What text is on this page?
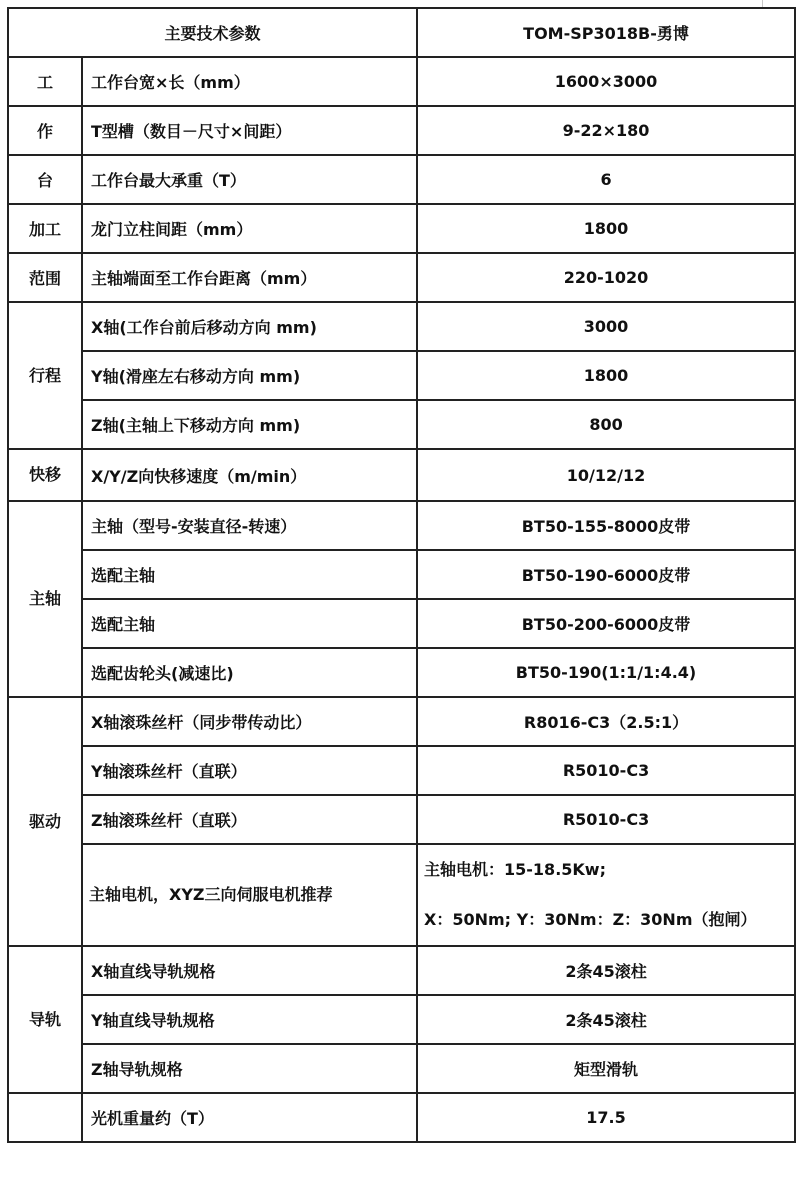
主要技术参数		TOM-SP3018B-勇博
工	工作台宽×长（mm）	1600×3000
作	T型槽（数目－尺寸×间距）	9-22×180
台	工作台最大承重（T）	6
加工	龙门立柱间距（mm）	1800
范围	主轴端面至工作台距离（mm）	220-1020
行程	X轴(工作台前后移动方向 mm)	3000
	Y轴(滑座左右移动方向 mm)	1800
	Z轴(主轴上下移动方向 mm)	800
快移	X/Y/Z向快移速度（m/min）	10/12/12
主轴	主轴（型号-安装直径-转速）	BT50-155-8000皮带
	选配主轴	BT50-190-6000皮带
	选配主轴	BT50-200-6000皮带
	选配齿轮头(减速比)	BT50-190(1:1/1:4.4)
驱动	X轴滚珠丝杆（同步带传动比）	R8016-C3（2.5:1）
	Y轴滚珠丝杆（直联）	R5010-C3
	Z轴滚珠丝杆（直联）	R5010-C3
	主轴电机，XYZ三向伺服电机推荐	主轴电机：15-18.5Kw;
X：50Nm; Y：30Nm：Z：30Nm（抱闸）

导轨	X轴直线导轨规格	2条45滚柱
	Y轴直线导轨规格	2条45滚柱
	Z轴导轨规格	矩型滑轨
	光机重量约（T）	17.5
